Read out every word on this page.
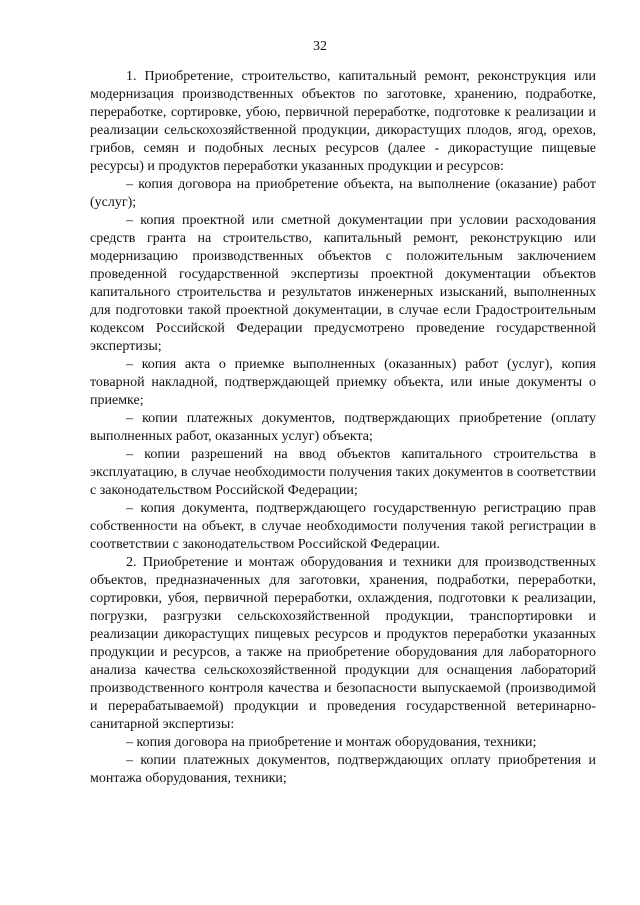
32

1. Приобретение, строительство, капитальный ремонт, реконструкция или модернизация производственных объектов по заготовке, хранению, подработке, переработке, сортировке, убою, первичной переработке, подготовке к реализации и реализации сельскохозяйственной продукции, дикорастущих плодов, ягод, орехов, грибов, семян и подобных лесных ресурсов (далее - дикорастущие пищевые ресурсы) и продуктов переработки указанных продукции и ресурсов:

– копия договора на приобретение объекта, на выполнение (оказание) работ (услуг);

– копия проектной или сметной документации при условии расходования средств гранта на строительство, капитальный ремонт, реконструкцию или модернизацию производственных объектов с положительным заключением проведенной государственной экспертизы проектной документации объектов капитального строительства и результатов инженерных изысканий, выполненных для подготовки такой проектной документации, в случае если Градостроительным кодексом Российской Федерации предусмотрено проведение государственной экспертизы;

– копия акта о приемке выполненных (оказанных) работ (услуг), копия товарной накладной, подтверждающей приемку объекта, или иные документы о приемке;

– копии платежных документов, подтверждающих приобретение (оплату выполненных работ, оказанных услуг) объекта;

– копии разрешений на ввод объектов капитального строительства в эксплуатацию, в случае необходимости получения таких документов в соответствии с законодательством Российской Федерации;

– копия документа, подтверждающего государственную регистрацию прав собственности на объект, в случае необходимости получения такой регистрации в соответствии с законодательством Российской Федерации.

2. Приобретение и монтаж оборудования и техники для производственных объектов, предназначенных для заготовки, хранения, подработки, переработки, сортировки, убоя, первичной переработки, охлаждения, подготовки к реализации, погрузки, разгрузки сельскохозяйственной продукции, транспортировки и реализации дикорастущих пищевых ресурсов и продуктов переработки указанных продукции и ресурсов, а также на приобретение оборудования для лабораторного анализа качества сельскохозяйственной продукции для оснащения лабораторий производственного контроля качества и безопасности выпускаемой (производимой и перерабатываемой) продукции и проведения государственной ветеринарно-санитарной экспертизы:

– копия договора на приобретение и монтаж оборудования, техники;

– копии платежных документов, подтверждающих оплату приобретения и монтажа оборудования, техники;
